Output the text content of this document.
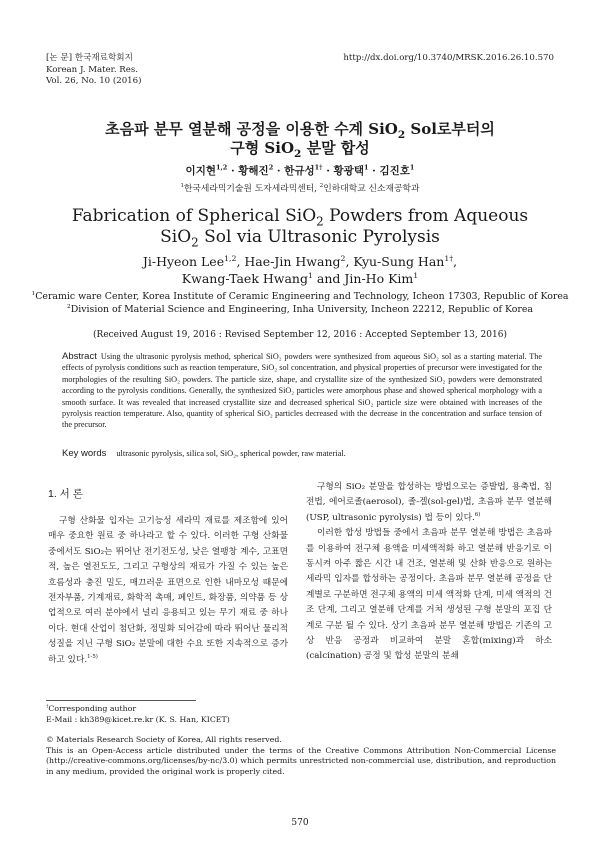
[논 문] 한국재료학회지
Korean J. Mater. Res.
Vol. 26, No. 10 (2016)
http://dx.doi.org/10.3740/MRSK.2016.26.10.570
초음파 분무 열분해 공정을 이용한 수계 SiO$_2$ Sol로부터의
구형 SiO$_2$ 분말 합성
이지현$^{1,2}$ · 황해진$^2$ · 한규성$^{1\dagger}$ · 황광택$^1$ · 김진호$^1$
$^1$한국세라믹기술원 도자세라믹센터, $^2$인하대학교 신소재공학과
Fabrication of Spherical SiO$_2$ Powders from Aqueous
SiO$_2$ Sol via Ultrasonic Pyrolysis
Ji-Hyeon Lee$^{1,2}$, Hae-Jin Hwang$^2$, Kyu-Sung Han$^{1\dagger}$,
Kwang-Taek Hwang$^1$ and Jin-Ho Kim$^1$
$^1$Ceramic ware Center, Korea Institute of Ceramic Engineering and Technology, Icheon 17303, Republic of Korea
$^2$Division of Material Science and Engineering, Inha University, Incheon 22212, Republic of Korea
(Received August 19, 2016 : Revised September 12, 2016 : Accepted September 13, 2016)
Abstract Using the ultrasonic pyrolysis method, spherical SiO₂ powders were synthesized from aqueous SiO₂ sol as a starting material. The effects of pyrolysis conditions such as reaction temperature, SiO₂ sol concentration, and physical properties of precursor were investigated for the morphologies of the resulting SiO₂ powders. The particle size, shape, and crystallite size of the synthesized SiO₂ powders were demonstrated according to the pyrolysis conditions. Generally, the synthesized SiO₂ particles were amorphous phase and showed spherical morphology with a smooth surface. It was revealed that increased crystallite size and decreased spherical SiO₂ particle size were obtained with increases of the pyrolysis reaction temperature. Also, quantity of spherical SiO₂ particles decreased with the decrease in the concentration and surface tension of the precursor.
Key words ultrasonic pyrolysis, silica sol, SiO₂, spherical powder, raw material.
1. 서 론
구형 산화물 입자는 고기능성 세라믹 재료를 제조함에 있어 매우 중요한 원료 중 하나라고 할 수 있다. 이러한 구형 산화물 중에서도 SiO₂는 뛰어난 전기전도성, 낮은 열팽창 계수, 고표면적, 높은 열전도도, 그리고 구형상의 재료가 가질 수 있는 높은 흐름성과 충진 밀도, 매끄러운 표면으로 인한 내마모성 때문에 전자부품, 기계재료, 화학적 촉매, 페인트, 화장품, 의약품 등 상업적으로 여러 분야에서 널리 응용되고 있는 무기 재료 중 하나이다. 현대 산업이 첨단화, 정밀화 되어감에 따라 뛰어난 물리적 성질을 지닌 구형 SiO₂ 분말에 대한 수요 또한 지속적으로 증가하고 있다.$^{1-5)}$
구형의 SiO₂ 분말을 합성하는 방법으로는 증발법, 용축법, 침전법, 에어로졸(aerosol), 졸-겔(sol-gel)법, 초음파 분무 열분해(USP, ultrasonic pyrolysis) 법 등이 있다.$^{6)}$
이러한 합성 방법들 중에서 초음파 분무 열분해 방법은 초음파를 이용하여 전구체 용액을 미세액적화 하고 열분해 반응기로 이동시켜 아주 짧은 시간 내 건조, 열분해 및 산화 반응으로 원하는 세라믹 입자를 합성하는 공정이다. 초음파 분무 열분해 공정을 단계별로 구분하면 전구체 용액의 미세 액적화 단계, 미세 액적의 건조 단계, 그리고 열분해 단계를 거쳐 생성된 구형 분말의 포집 단계로 구분 될 수 있다. 상기 초음파 분무 열분해 방법은 기존의 고상 반응 공정과 비교하여 분말 혼합(mixing)과 하소(calcination) 공정 및 합성 분말의 분쇄
†Corresponding author
E-Mail : kh389@kicet.re.kr (K. S. Han, KICET)
© Materials Research Society of Korea, All rights reserved.
This is an Open-Access article distributed under the terms of the Creative Commons Attribution Non-Commercial License (http://creative-commons.org/licenses/by-nc/3.0) which permits unrestricted non-commercial use, distribution, and reproduction in any medium, provided the original work is properly cited.
570
